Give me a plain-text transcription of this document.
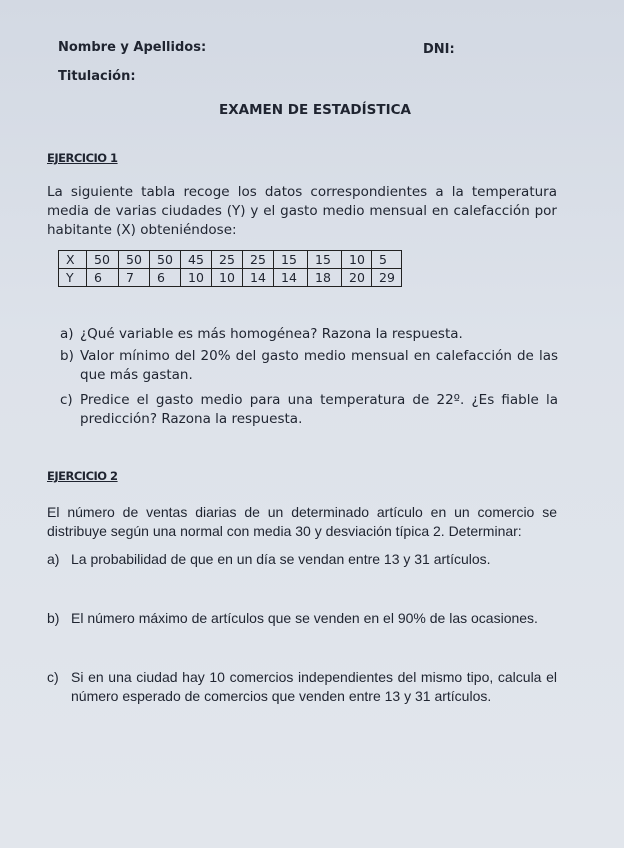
Nombre y Apellidos:	DNI:
Titulación:
EXAMEN DE ESTADÍSTICA
EJERCICIO 1
La siguiente tabla recoge los datos correspondientes a la temperatura media de varias ciudades (Y) y el gasto medio mensual en calefacción por habitante (X) obteniéndose:
X	50	50	50	45	25	25	15	15	10	5
Y	6	7	6	10	10	14	14	18	20	29
a) ¿Qué variable es más homogénea? Razona la respuesta.
b) Valor mínimo del 20% del gasto medio mensual en calefacción de las que más gastan.
c) Predice el gasto medio para una temperatura de 22º. ¿Es fiable la predicción? Razona la respuesta.
EJERCICIO 2
El número de ventas diarias de un determinado artículo en un comercio se distribuye según una normal con media 30 y desviación típica 2. Determinar:
a) La probabilidad de que en un día se vendan entre 13 y 31 artículos.
b) El número máximo de artículos que se venden en el 90% de las ocasiones.
c) Si en una ciudad hay 10 comercios independientes del mismo tipo, calcula el número esperado de comercios que venden entre 13 y 31 artículos.
